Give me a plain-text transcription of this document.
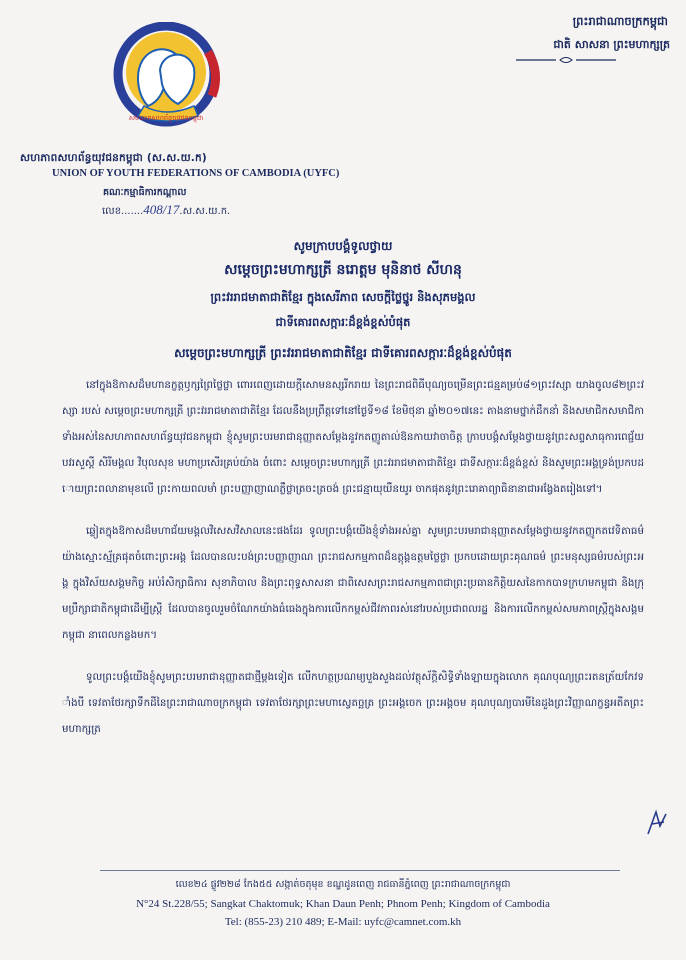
សហភាពសហព័ន្ធយុវជនកម្ពុជា
សហភាពសហព័ន្ធយុវជនកម្ពុជា (ស.ស.យ.ក)
UNION OF YOUTH FEDERATIONS OF CAMBODIA (UYFC)
គណៈកម្មាធិការកណ្តាល
លេខ.......408/17.ស.ស.យ.ក.
ព្រះរាជាណាចក្រកម្ពុជា
ជាតិ សាសនា ព្រះមហាក្សត្រ
សូមក្រាបបង្គំទូលថ្វាយ
សម្តេចព្រះមហាក្សត្រី នរោត្តម មុនិនាថ សីហនុ
ព្រះវររាជមាតាជាតិខ្មែរ ក្នុងសេរីភាព សេចក្តីថ្លៃថ្នូរ និងសុភមង្គល
ជាទីគោរពសក្ការៈដ៏ខ្ពង់ខ្ពស់បំផុត
សម្តេចព្រះមហាក្សត្រី ព្រះវររាជមាតាជាតិខ្មែរ ជាទីគោរពសក្ការៈដ៏ខ្ពង់ខ្ពស់បំផុត

នៅក្នុងឱកាសដ៏មហានក្ខត្តឫក្សព្រៃថ្លៃថ្លា ពោរពេញដោយក្តីសោមនស្សរីករាយ នៃព្រះរាជពិធីបុណ្យចម្រើនព្រះជន្មគម្រប់៨១ព្រះវស្សា យាងចូល៨២ព្រះវស្សា របស់ សម្តេចព្រះមហាក្សត្រី ព្រះវររាជមាតាជាតិខ្មែរ ដែលនឹងប្រព្រឹត្តទៅនៅថ្ងៃទី១៨ ខែមិថុនា ឆ្នាំ២០១៧នេះ តាងនាមថ្នាក់ដឹកនាំ និងសមាជិកសមាជិកាទាំងអស់នៃសហភាពសហព័ន្ធយុវជនកម្ពុជា ខ្ញុំសូមព្រះបរមរាជានុញ្ញាតសម្តែងនូវកតញ្ញូតាល់ឱនកាយវាចាចិត្ត ក្រាបបង្គំសម្តែងថ្វាយនូវព្រះសព្ទសាធុការពេជ្ជ័យ បវរសួស្តី សិរីមង្គល វិបុលសុខ មហាប្រសើរគ្រប់យ៉ាង ចំពោះ សម្តេចព្រះមហាក្សត្រី ព្រះវររាជមាតាជាតិខ្មែរ ជាទីសក្ការៈដ៏ខ្ពង់ខ្ពស់ និងសូមព្រះអង្គទ្រង់ប្រកបដោយព្រះពលានាមុខលើ ព្រះកាយពលមាំ ព្រះបញ្ញាញាណភ្លឺថ្លាត្រចះត្រចង់ ព្រះជន្មាយុយឺនយូរ ចាកផុតនូវព្រះរោគាព្យាធិនានាជាអង្វែងតរៀងទៅ។

ឆ្លៀតក្នុងឱកាសដ៏មហាជ័យមង្គលវិសេសវិសាលនេះផងដែរ ទូលព្រះបង្គំយើងខ្ញុំទាំងអស់គ្នា សូមព្រះបរមរាជានុញ្ញាតសម្តែងថ្វាយនូវកតញ្ញូកតវេទិតាធម៌យ៉ាងស្មោះស្ម័គ្រផុតចំពោះព្រះអង្គ ដែលបានលះបង់ព្រះបញ្ញាញាណ ព្រះរាជសកម្មភាពដ៏ឧត្តុង្គឧត្តមថ្លៃថ្លា ប្រកបដោយព្រះគុណធម៌ ព្រះមនុស្សធម៌របស់ព្រះអង្គ ក្នុងវិស័យសង្គមកិច្ច អប់រំសិក្សាធិការ សុខាភិបាល និងព្រះពុទ្ធសាសនា ជាពិសេសព្រះរាជសកម្មភាពជាព្រះប្រធានកិត្តិយសនៃកាកបាទក្រហមកម្ពុជា និងក្រុមប្រឹក្សាជាតិកម្ពុជាដើម្បីស្ត្រី ដែលបានចូលរួមចំណែកយ៉ាងធំធេងក្នុងការលើកកម្ពស់ជីវភាពរស់នៅរបស់ប្រជាពលរដ្ឋ និងការលើកកម្ពស់សមភាពស្ត្រីក្នុងសង្គមកម្ពុជា នាពេលកន្លងមក។

ទូលព្រះបង្គំយើងខ្ញុំសូមព្រះបរមរាជានុញ្ញាតជាថ្មីម្តងទៀត លើកហត្ថប្រណម្យបួងសួងដល់វត្ថុស័ក្តិសិទ្ធិទាំងឡាយក្នុងលោក គុណបុណ្យព្រះរតនត្រ័យកែវទាំងបី ទេវតាថែរក្សាទឹកដីនៃព្រះរាជាណាចក្រកម្ពុជា ទេវតាថែរក្សាព្រះមហាស្វេតច្ឆត្រ ព្រះអង្គចេក ព្រះអង្គចម គុណបុណ្យបារមីនៃដួងព្រះវិញ្ញាណក្ខន្ធអតីតព្រះមហាក្សត្រ

លេខ២៤ ផ្លូវ២២៨ កែង៥៥ សង្កាត់ចតុមុខ ខណ្ឌដូនពេញ រាជធានីភ្នំពេញ ព្រះរាជាណាចក្រកម្ពុជា
N°24 St.228/55; Sangkat Chaktomuk; Khan Daun Penh; Phnom Penh; Kingdom of Cambodia
Tel: (855-23) 210 489; E-Mail: uyfc@camnet.com.kh
